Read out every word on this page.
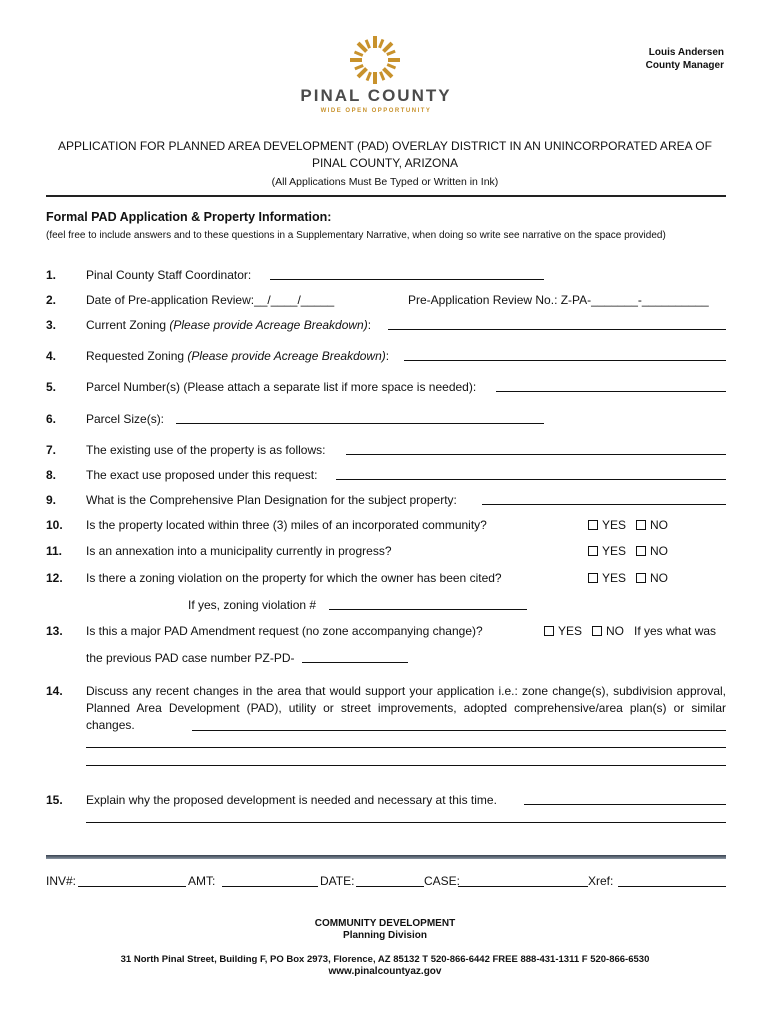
Louis Andersen
County Manager
PINAL COUNTY
WIDE OPEN OPPORTUNITY
APPLICATION FOR PLANNED AREA DEVELOPMENT (PAD) OVERLAY DISTRICT IN AN UNINCORPORATED AREA OF
PINAL COUNTY, ARIZONA
(All Applications Must Be Typed or Written in Ink)
Formal PAD Application & Property Information:
(feel free to include answers and to these questions in a Supplementary Narrative, when doing so write see narrative on the space provided)
1.	Pinal County Staff Coordinator:
2.	Date of Pre-application Review:__/____/_____	Pre-Application Review No.: Z-PA-_______-__________
3.	Current Zoning (Please provide Acreage Breakdown):
4.	Requested Zoning (Please provide Acreage Breakdown):
5.	Parcel Number(s) (Please attach a separate list if more space is needed):
6.	Parcel Size(s):
7.	The existing use of the property is as follows:
8.	The exact use proposed under this request:
9.	What is the Comprehensive Plan Designation for the subject property:
10.	Is the property located within three (3) miles of an incorporated community?	YES	NO
11.	Is an annexation into a municipality currently in progress?	YES	NO
12.	Is there a zoning violation on the property for which the owner has been cited?	YES	NO
If yes, zoning violation #
13.	Is this a major PAD Amendment request (no zone accompanying change)?	YES	NO If yes what was
the previous PAD case number PZ-PD-
14.	Discuss any recent changes in the area that would support your application i.e.: zone change(s), subdivision approval, Planned Area Development (PAD), utility or street improvements, adopted comprehensive/area plan(s) or similar changes.
15.	Explain why the proposed development is needed and necessary at this time.
INV#:	AMT:	DATE:	CASE:	Xref:
COMMUNITY DEVELOPMENT
Planning Division
31 North Pinal Street, Building F, PO Box 2973, Florence, AZ 85132 T 520-866-6442 FREE 888-431-1311 F 520-866-6530
www.pinalcountyaz.gov
